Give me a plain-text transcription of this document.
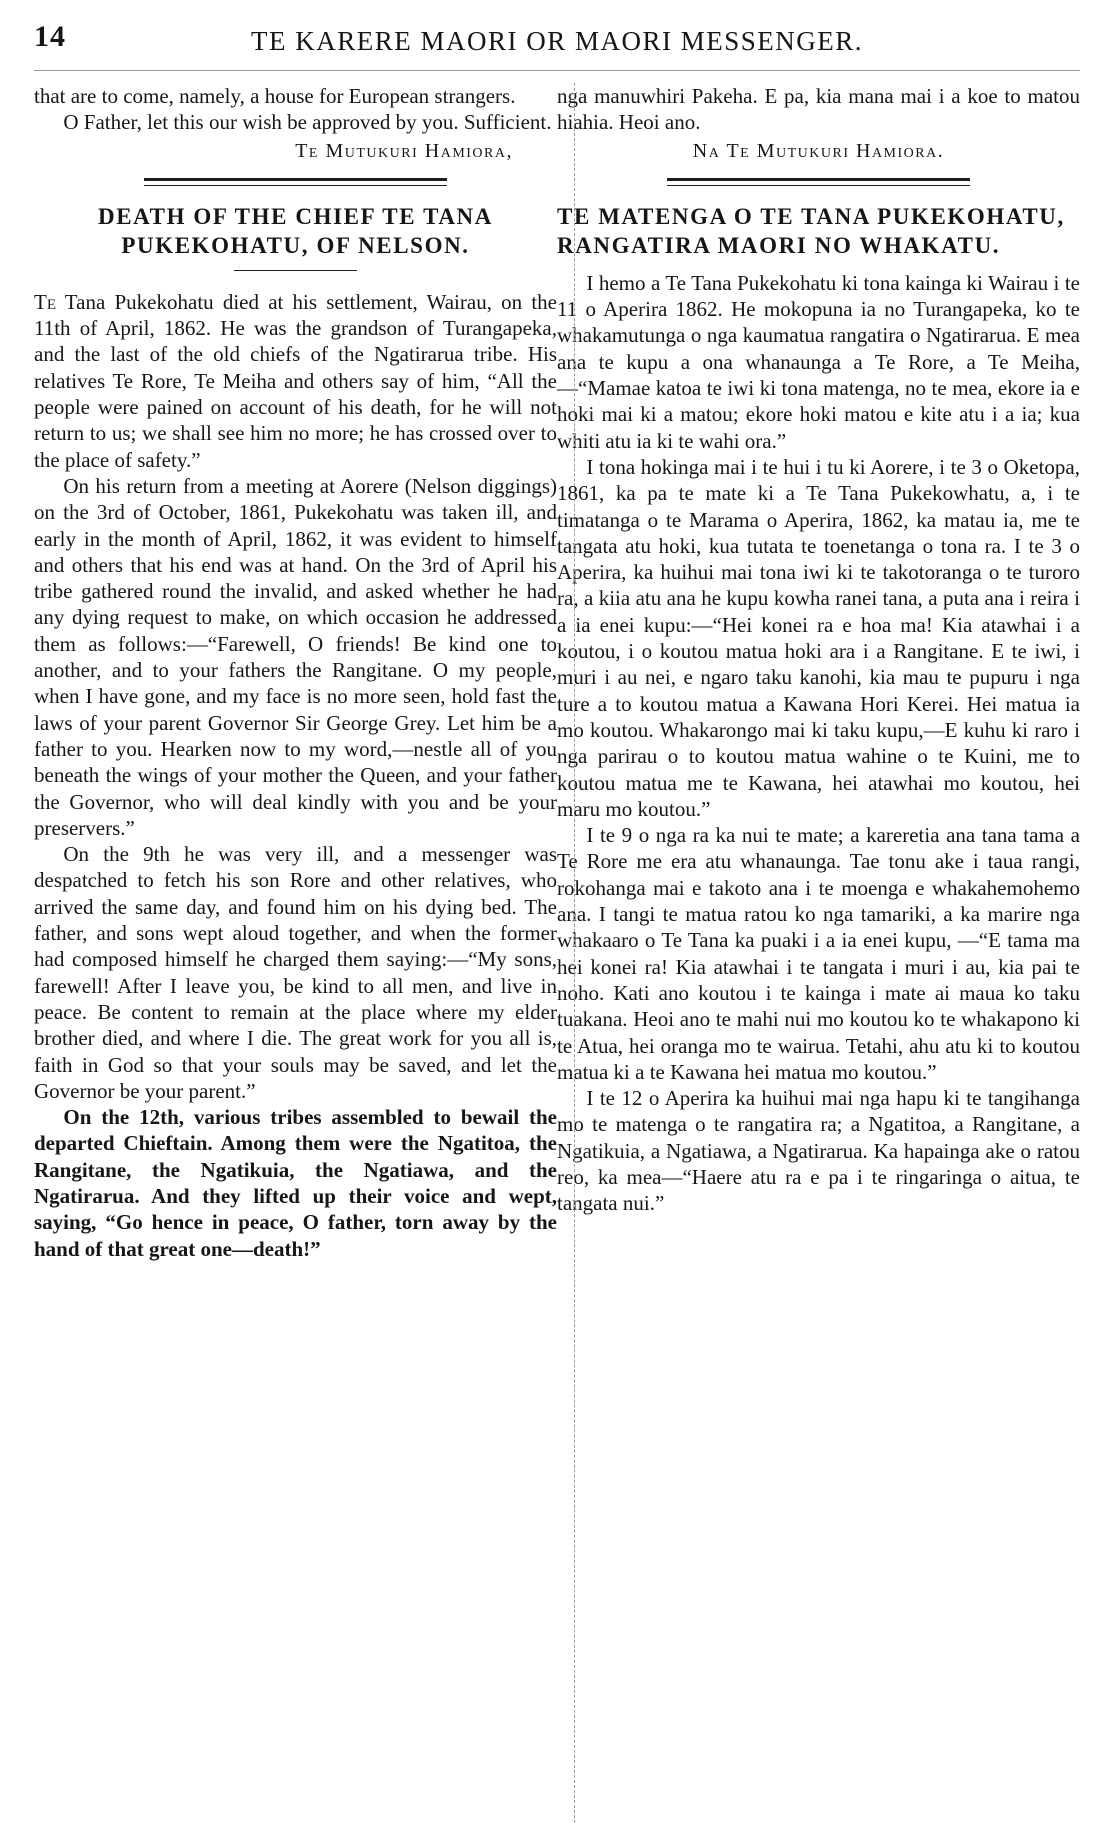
14	TE KARERE MAORI OR MAORI MESSENGER.

that are to come, namely, a house for European strangers.

O Father, let this our wish be approved by you. Sufficient.

Te Mutukuri Hamiora,
DEATH OF THE CHIEF TE TANA PUKEKOHATU, OF NELSON.

Te Tana Pukekohatu died at his settlement, Wairau, on the 11th of April, 1862. He was the grandson of Turangapeka, and the last of the old chiefs of the Ngatirarua tribe. His relatives Te Rore, Te Meiha and others say of him, “All the people were pained on account of his death, for he will not return to us; we shall see him no more; he has crossed over to the place of safety.”

On his return from a meeting at Aorere (Nelson diggings) on the 3rd of October, 1861, Pukekohatu was taken ill, and early in the month of April, 1862, it was evident to himself and others that his end was at hand. On the 3rd of April his tribe gathered round the invalid, and asked whether he had any dying request to make, on which occasion he addressed them as follows:—“Farewell, O friends! Be kind one to another, and to your fathers the Rangitane. O my people, when I have gone, and my face is no more seen, hold fast the laws of your parent Governor Sir George Grey. Let him be a father to you. Hearken now to my word,—nestle all of you beneath the wings of your mother the Queen, and your father the Governor, who will deal kindly with you and be your preservers.”

On the 9th he was very ill, and a messenger was despatched to fetch his son Rore and other relatives, who arrived the same day, and found him on his dying bed. The father, and sons wept aloud together, and when the former had composed himself he charged them saying:—“My sons, farewell! After I leave you, be kind to all men, and live in peace. Be content to remain at the place where my elder brother died, and where I die. The great work for you all is, faith in God so that your souls may be saved, and let the Governor be your parent.”

On the 12th, various tribes assembled to bewail the departed Chieftain. Among them were the Ngatitoa, the Rangitane, the Ngatikuia, the Ngatiawa, and the Ngatirarua. And they lifted up their voice and wept, saying, “Go hence in peace, O father, torn away by the hand of that great one—death!”

nga manuwhiri Pakeha. E pa, kia mana mai i a koe to matou hiahia. Heoi ano.

Na Te Mutukuri Hamiora.
TE MATENGA O TE TANA PUKEKOHATU, RANGATIRA MAORI NO WHAKATU.

I hemo a Te Tana Pukekohatu ki tona kainga ki Wairau i te 11 o Aperira 1862. He mokopuna ia no Turangapeka, ko te whakamutunga o nga kaumatua rangatira o Ngatirarua. E mea ana te kupu a ona whanaunga a Te Rore, a Te Meiha,—“Mamae katoa te iwi ki tona matenga, no te mea, ekore ia e hoki mai ki a matou; ekore hoki matou e kite atu i a ia; kua whiti atu ia ki te wahi ora.”

I tona hokinga mai i te hui i tu ki Aorere, i te 3 o Oketopa, 1861, ka pa te mate ki a Te Tana Pukekowhatu, a, i te timatanga o te Marama o Aperira, 1862, ka matau ia, me te tangata atu hoki, kua tutata te toenetanga o tona ra. I te 3 o Aperira, ka huihui mai tona iwi ki te takotoranga o te turoro ra, a kiia atu ana he kupu kowha ranei tana, a puta ana i reira i a ia enei kupu:—“Hei konei ra e hoa ma! Kia atawhai i a koutou, i o koutou matua hoki ara i a Rangitane. E te iwi, i muri i au nei, e ngaro taku kanohi, kia mau te pupuru i nga ture a to koutou matua a Kawana Hori Kerei. Hei matua ia mo koutou. Whakarongo mai ki taku kupu,—E kuhu ki raro i nga parirau o to koutou matua wahine o te Kuini, me to koutou matua me te Kawana, hei atawhai mo koutou, hei maru mo koutou.”

I te 9 o nga ra ka nui te mate; a kareretia ana tana tama a Te Rore me era atu whanaunga. Tae tonu ake i taua rangi, rokohanga mai e takoto ana i te moenga e whakahemohemo ana. I tangi te matua ratou ko nga tamariki, a ka marire nga whakaaro o Te Tana ka puaki i a ia enei kupu, —“E tama ma hei konei ra! Kia atawhai i te tangata i muri i au, kia pai te noho. Kati ano koutou i te kainga i mate ai maua ko taku tuakana. Heoi ano te mahi nui mo koutou ko te whakapono ki te Atua, hei oranga mo te wairua. Tetahi, ahu atu ki to koutou matua ki a te Kawana hei matua mo koutou.”

I te 12 o Aperira ka huihui mai nga hapu ki te tangihanga mo te matenga o te rangatira ra; a Ngatitoa, a Rangitane, a Ngatikuia, a Ngatiawa, a Ngatirarua. Ka hapainga ake o ratou reo, ka mea—“Haere atu ra e pa i te ringaringa o aitua, te tangata nui.”
